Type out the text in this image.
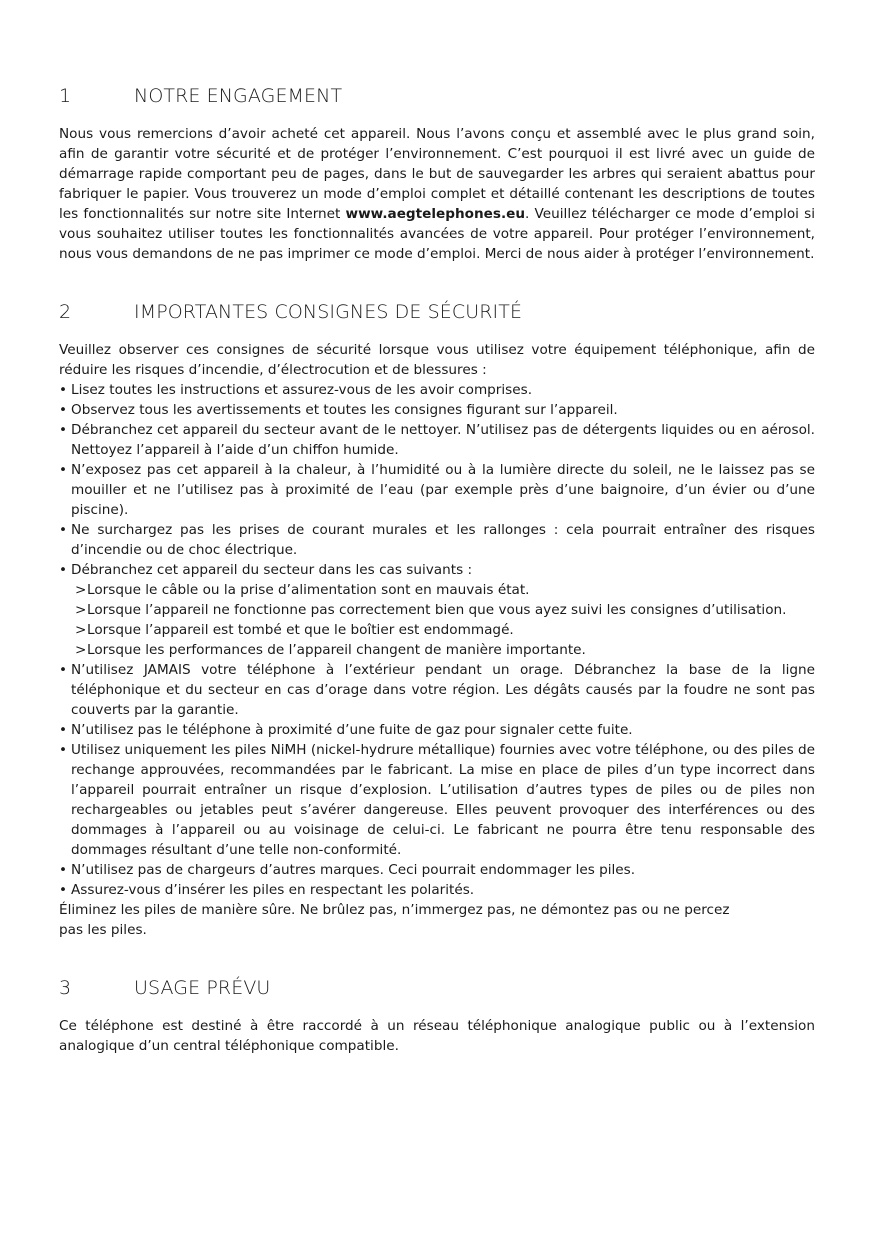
1	NOTRE ENGAGEMENT

Nous vous remercions d’avoir acheté cet appareil. Nous l’avons conçu et assemblé avec le plus grand soin, afin de garantir votre sécurité et de protéger l’environnement. C’est pourquoi il est livré avec un guide de démarrage rapide comportant peu de pages, dans le but de sauvegarder les arbres qui seraient abattus pour fabriquer le papier. Vous trouverez un mode d’emploi complet et détaillé contenant les descriptions de toutes les fonctionnalités sur notre site Internet www.aegtelephones.eu. Veuillez télécharger ce mode d’emploi si vous souhaitez utiliser toutes les fonctionnalités avancées de votre appareil. Pour protéger l’environnement, nous vous demandons de ne pas imprimer ce mode d’emploi. Merci de nous aider à protéger l’environnement.

2	IMPORTANTES CONSIGNES DE SÉCURITÉ

Veuillez observer ces consignes de sécurité lorsque vous utilisez votre équipement téléphonique, afin de réduire les risques d’incendie, d’électrocution et de blessures :

• Lisez toutes les instructions et assurez-vous de les avoir comprises.
• Observez tous les avertissements et toutes les consignes figurant sur l’appareil.
• Débranchez cet appareil du secteur avant de le nettoyer. N’utilisez pas de détergents liquides ou en aérosol. Nettoyez l’appareil à l’aide d’un chiffon humide.
• N’exposez pas cet appareil à la chaleur, à l’humidité ou à la lumière directe du soleil, ne le laissez pas se mouiller et ne l’utilisez pas à proximité de l’eau (par exemple près d’une baignoire, d’un évier ou d’une piscine).
• Ne surchargez pas les prises de courant murales et les rallonges : cela pourrait entraîner des risques d’incendie ou de choc électrique.
• Débranchez cet appareil du secteur dans les cas suivants :
> Lorsque le câble ou la prise d’alimentation sont en mauvais état.
> Lorsque l’appareil ne fonctionne pas correctement bien que vous ayez suivi les consignes d’utilisation.
> Lorsque l’appareil est tombé et que le boîtier est endommagé.
> Lorsque les performances de l’appareil changent de manière importante.
• N’utilisez JAMAIS votre téléphone à l’extérieur pendant un orage. Débranchez la base de la ligne téléphonique et du secteur en cas d’orage dans votre région. Les dégâts causés par la foudre ne sont pas couverts par la garantie.
• N’utilisez pas le téléphone à proximité d’une fuite de gaz pour signaler cette fuite.
• Utilisez uniquement les piles NiMH (nickel-hydrure métallique) fournies avec votre téléphone, ou des piles de rechange approuvées, recommandées par le fabricant. La mise en place de piles d’un type incorrect dans l’appareil pourrait entraîner un risque d’explosion. L’utilisation d’autres types de piles ou de piles non rechargeables ou jetables peut s’avérer dangereuse. Elles peuvent provoquer des interférences ou des dommages à l’appareil ou au voisinage de celui-ci. Le fabricant ne pourra être tenu responsable des dommages résultant d’une telle non-conformité.
• N’utilisez pas de chargeurs d’autres marques. Ceci pourrait endommager les piles.
• Assurez-vous d’insérer les piles en respectant les polarités.

Éliminez les piles de manière sûre. Ne brûlez pas, n’immergez pas, ne démontez pas ou ne percez pas les piles.

3	USAGE PRÉVU

Ce téléphone est destiné à être raccordé à un réseau téléphonique analogique public ou à l’extension analogique d’un central téléphonique compatible.
